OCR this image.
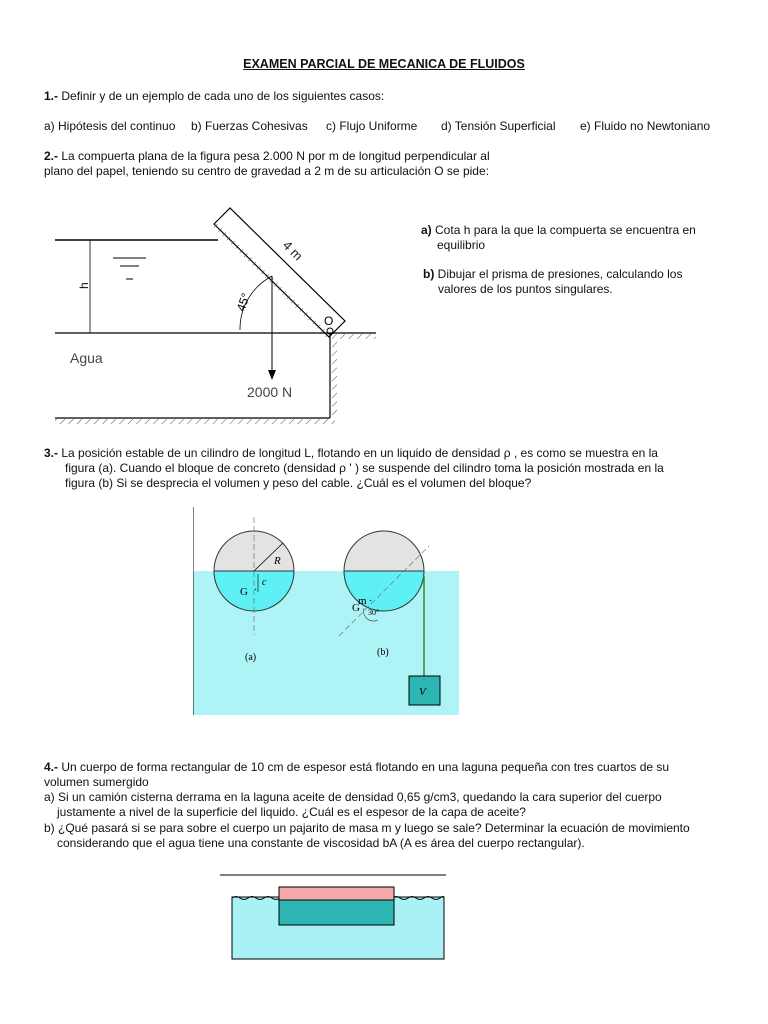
EXAMEN PARCIAL DE MECANICA DE FLUIDOS
1.- Definir y de un ejemplo de cada uno de los siguientes casos:
a) Hipótesis del continuo b) Fuerzas Cohesivas c) Flujo Uniforme d) Tensión Superficial e) Fluido no Newtoniano
2.- La compuerta plana de la figura pesa 2.000 N por m de longitud perpendicular al
plano del papel, teniendo su centro de gravedad a 2 m de su articulación O se pide:
a) Cota h para la que la compuerta se encuentra en
equilibrio
b) Dibujar el prisma de presiones, calculando los
valores de los puntos singulares.
h
4 m
45°
O
Agua
2000 N
3.- La posición estable de un cilindro de longitud L, flotando en un liquido de densidad ρ , es como se muestra en la
figura (a). Cuando el bloque de concreto (densidad ρ ' ) se suspende del cilindro toma la posición mostrada en la
figura (b) Si se desprecia el volumen y peso del cable. ¿Cuál es el volumen del bloque?
R
c
G ·
(a)
m ·
G 30°
(b)
V
4.- Un cuerpo de forma rectangular de 10 cm de espesor está flotando en una laguna pequeña con tres cuartos de su
volumen sumergido
a) Si un camión cisterna derrama en la laguna aceite de densidad 0,65 g/cm3, quedando la cara superior del cuerpo
justamente a nivel de la superficie del liquido. ¿Cuál es el espesor de la capa de aceite?
b) ¿Qué pasará si se para sobre el cuerpo un pajarito de masa m y luego se sale? Determinar la ecuación de movimiento
considerando que el agua tiene una constante de viscosidad bA (A es área del cuerpo rectangular).
